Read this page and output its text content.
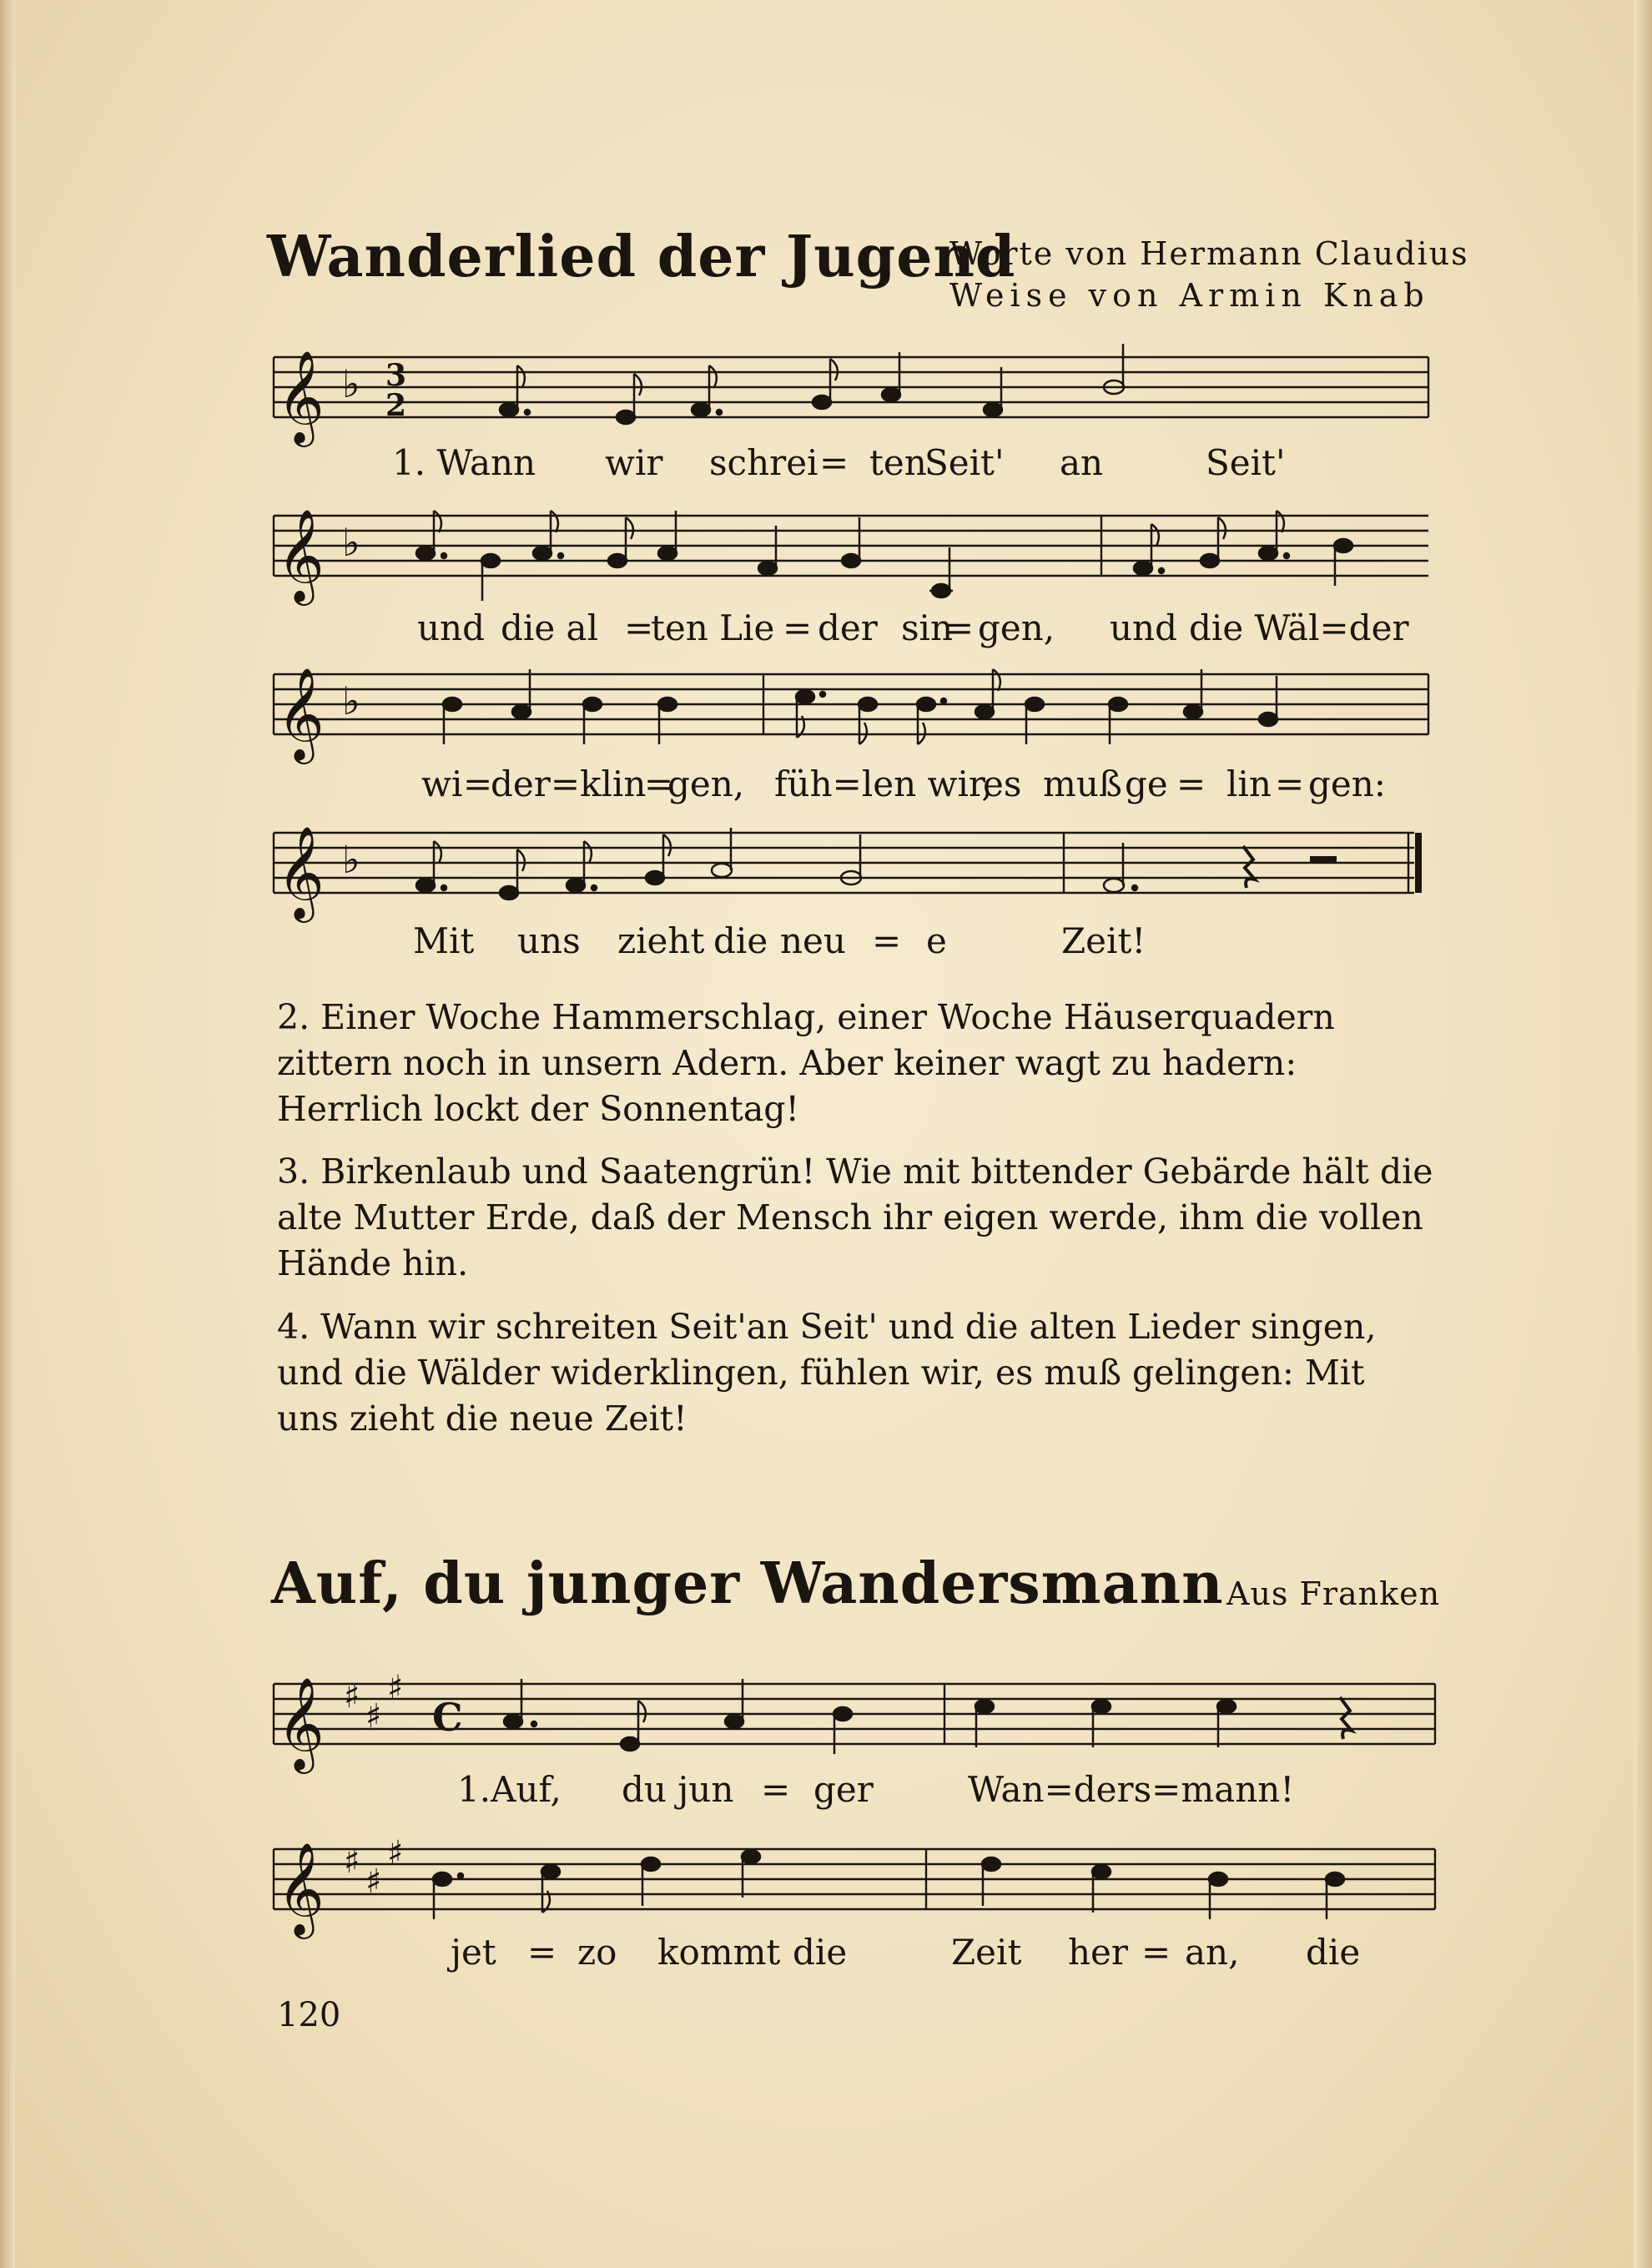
Wanderlied der Jugend
Worte von Hermann Claudius
Weise von Armin Knab
𝄞 ♭ 3
2
1. Wann wir schrei = ten
Seit' an	Seit'
𝄞 ♭
und die al =
ten Lie = der sin
= gen, und die Wäl=der
𝄞 ♭
wi =
der=klin
=
gen, füh=len wir,
es muß ge = lin = gen:
𝄞 ♭
Mit uns zieht die neu = e	Zeit!
2. Einer Woche Hammerschlag, einer Woche Häuserquadern zittern noch in unsern Adern. Aber keiner wagt zu hadern: Herrlich lockt der Sonnentag!
3. Birkenlaub und Saatengrün! Wie mit bittender Gebärde hält die alte Mutter Erde, daß der Mensch ihr eigen werde, ihm die vollen Hände hin.
4. Wann wir schreiten Seit'an Seit' und die alten Lieder singen, und die Wälder widerklingen, fühlen wir, es muß gelingen: Mit uns zieht die neue Zeit!
Auf, du junger Wandersmann Aus Franken
𝄞 ♯
♯
♯
C
1.Auf, du jun = ger	Wan=ders=mann!
𝄞 ♯
♯
♯
jet = zo kommt die	Zeit her = an, die
120
